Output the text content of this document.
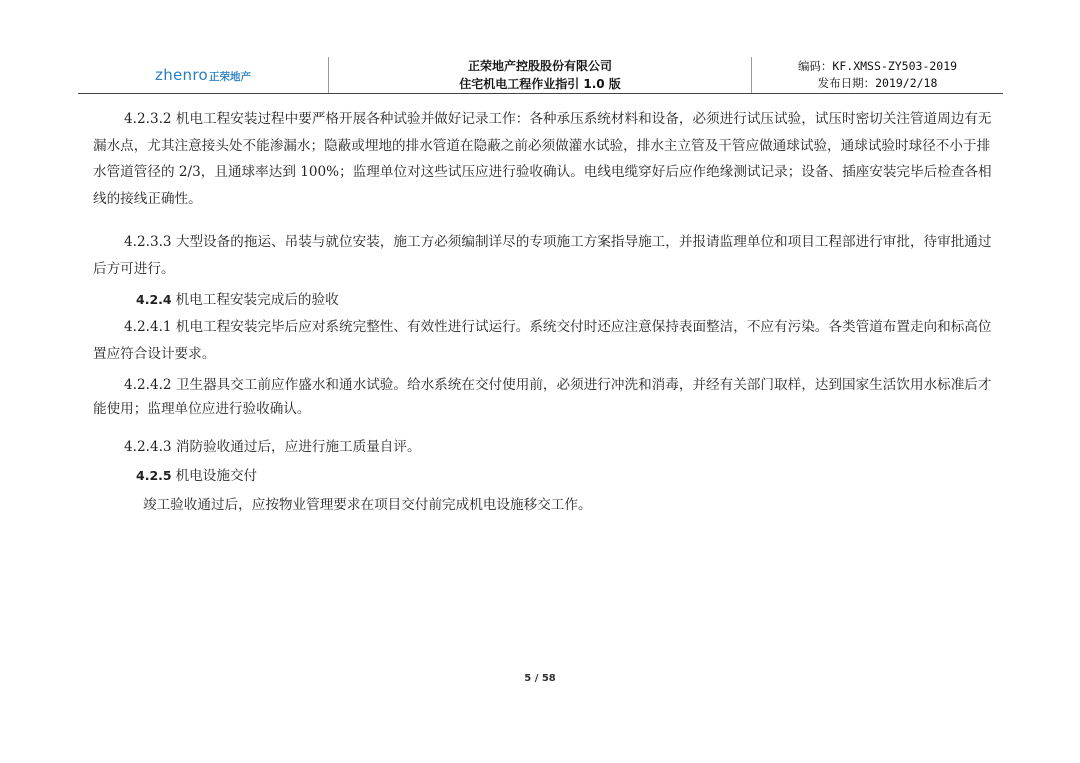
zhenro 正荣地产
正荣地产控股股份有限公司
住宅机电工程作业指引 1.0 版
编码：KF.XMSS-ZY503-2019
发布日期：2019/2/18

4.2.3.2 机电工程安装过程中要严格开展各种试验并做好记录工作：各种承压系统材料和设备，必须进行试压试验，试压时密切关注管道周边有无漏水点，尤其注意接头处不能渗漏水；隐蔽或埋地的排水管道在隐蔽之前必须做灌水试验，排水主立管及干管应做通球试验，通球试验时球径不小于排水管道管径的 2/3，且通球率达到 100%；监理单位对这些试压应进行验收确认。电线电缆穿好后应作绝缘测试记录；设备、插座安装完毕后检查各相线的接线正确性。

4.2.3.3 大型设备的拖运、吊装与就位安装，施工方必须编制详尽的专项施工方案指导施工，并报请监理单位和项目工程部进行审批，待审批通过后方可进行。

4.2.4 机电工程安装完成后的验收

4.2.4.1 机电工程安装完毕后应对系统完整性、有效性进行试运行。系统交付时还应注意保持表面整洁，不应有污染。各类管道布置走向和标高位置应符合设计要求。

4.2.4.2 卫生器具交工前应作盛水和通水试验。给水系统在交付使用前，必须进行冲洗和消毒，并经有关部门取样，达到国家生活饮用水标准后才能使用；监理单位应进行验收确认。

4.2.4.3 消防验收通过后，应进行施工质量自评。

4.2.5 机电设施交付

竣工验收通过后，应按物业管理要求在项目交付前完成机电设施移交工作。

5 / 58
